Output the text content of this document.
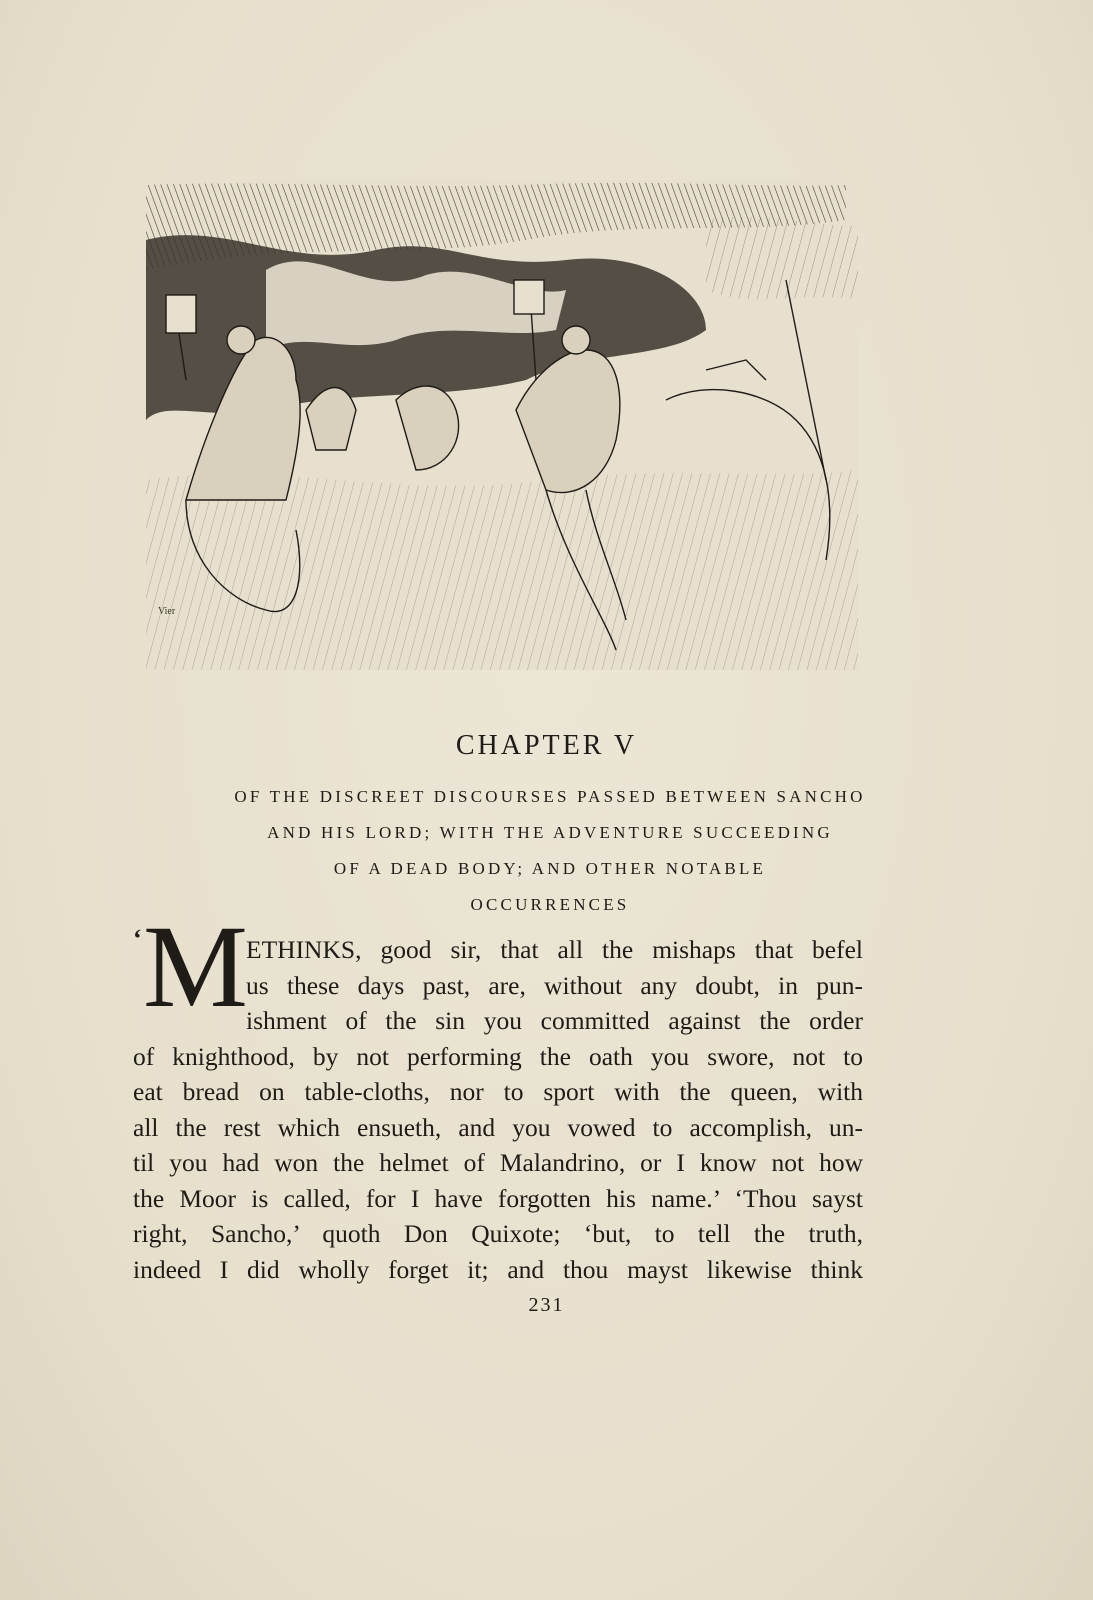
Vier
CHAPTER V
OF THE DISCREET DISCOURSES PASSED BETWEEN SANCHO
AND HIS LORD; WITH THE ADVENTURE SUCCEEDING
OF A DEAD BODY; AND OTHER NOTABLE
OCCURRENCES
‘ M ETHINKS, good sir, that all the mishaps that befel
us these days past, are, without any doubt, in pun-
ishment of the sin you committed against the order
of knighthood, by not performing the oath you swore, not to
eat bread on table-cloths, nor to sport with the queen, with
all the rest which ensueth, and you vowed to accomplish, un-
til you had won the helmet of Malandrino, or I know not how
the Moor is called, for I have forgotten his name.’ ‘Thou sayst
right, Sancho,’ quoth Don Quixote; ‘but, to tell the truth,
indeed I did wholly forget it; and thou mayst likewise think
231
